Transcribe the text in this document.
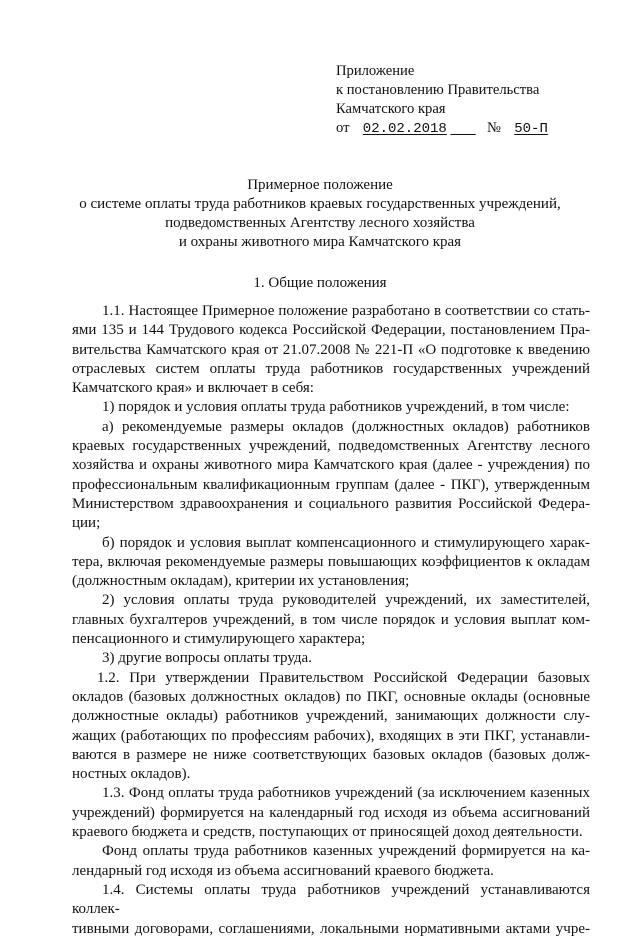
Приложение
к постановлению Правительства
Камчатского края
от 02.02.2018	№ 50-П
Примерное положение
о системе оплаты труда работников краевых государственных учреждений,
подведомственных Агентству лесного хозяйства
и охраны животного мира Камчатского края
1. Общие положения

1.1. Настоящее Примерное положение разработано в соответствии со стать-

ями 135 и 144 Трудового кодекса Российской Федерации, постановлением Пра-

вительства Камчатского края от 21.07.2008 № 221-П «О подготовке к введению

отраслевых систем оплаты труда работников государственных учреждений

Камчатского края» и включает в себя:

1) порядок и условия оплаты труда работников учреждений, в том числе:

а) рекомендуемые размеры окладов (должностных окладов) работников

краевых государственных учреждений, подведомственных Агентству лесного

хозяйства и охраны животного мира Камчатского края (далее - учреждения) по

профессиональным квалификационным группам (далее - ПКГ), утвержденным

Министерством здравоохранения и социального развития Российской Федера-

ции;

б) порядок и условия выплат компенсационного и стимулирующего харак-

тера, включая рекомендуемые размеры повышающих коэффициентов к окладам

(должностным окладам), критерии их установления;

2) условия оплаты труда руководителей учреждений, их заместителей,

главных бухгалтеров учреждений, в том числе порядок и условия выплат ком-

пенсационного и стимулирующего характера;

3) другие вопросы оплаты труда.

1.2. При утверждении Правительством Российской Федерации базовых

окладов (базовых должностных окладов) по ПКГ, основные оклады (основные

должностные оклады) работников учреждений, занимающих должности слу-

жащих (работающих по профессиям рабочих), входящих в эти ПКГ, устанавли-

ваются в размере не ниже соответствующих базовых окладов (базовых долж-

ностных окладов).

1.3. Фонд оплаты труда работников учреждений (за исключением казенных

учреждений) формируется на календарный год исходя из объема ассигнований

краевого бюджета и средств, поступающих от приносящей доход деятельности.

Фонд оплаты труда работников казенных учреждений формируется на ка-

лендарный год исходя из объема ассигнований краевого бюджета.

1.4. Системы оплаты труда работников учреждений устанавливаются коллек-

тивными договорами, соглашениями, локальными нормативными актами учре-
